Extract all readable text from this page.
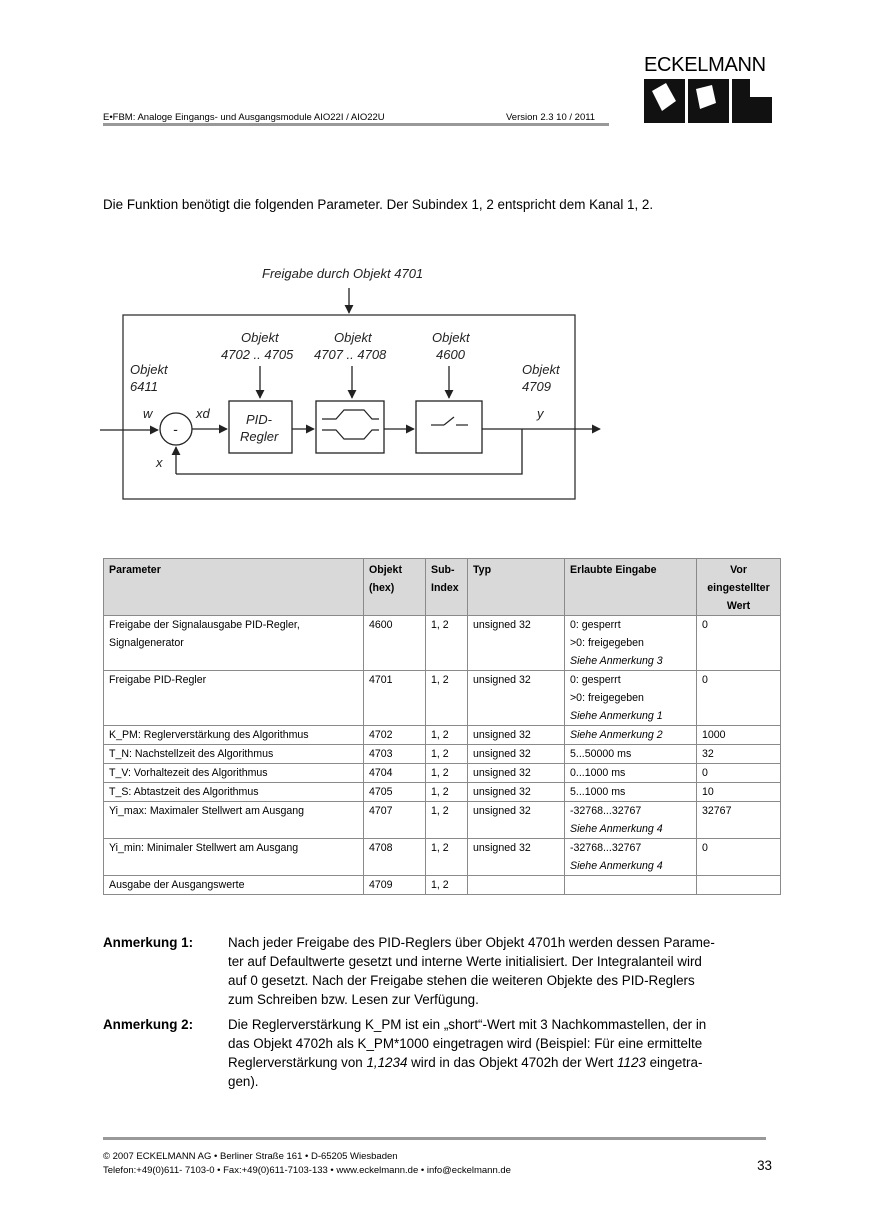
E•FBM: Analoge Eingangs- und Ausgangsmodule AIO22I / AIO22U	Version 2.3 10 / 2011
ECKELMANN
Die Funktion benötigt die folgenden Parameter. Der Subindex 1, 2 entspricht dem Kanal 1, 2.
Freigabe durch Objekt 4701
Objekt
4702 .. 4705
Objekt
4707 .. 4708
Objekt
4600
Objekt
6411
Objekt
4709
w
-
xd	PID-
Regler
y
x
Parameter	Objekt
(hex)	Sub-
Index	Typ	Erlaubte Eingabe	Vor
eingestellter
Wert

Freigabe der Signalausgabe PID-Regler,
Signalgenerator	4600	1, 2	unsigned 32	0: gesperrt
>0: freigegeben
Siehe Anmerkung 3	0

Freigabe PID-Regler	4701	1, 2	unsigned 32	0: gesperrt
>0: freigegeben
Siehe Anmerkung 1	0

K_PM: Reglerverstärkung des Algorithmus	4702	1, 2	unsigned 32	Siehe Anmerkung 2	1000

T_N: Nachstellzeit des Algorithmus	4703	1, 2	unsigned 32	5...50000 ms	32

T_V: Vorhaltezeit des Algorithmus	4704	1, 2	unsigned 32	0...1000 ms	0

T_S: Abtastzeit des Algorithmus	4705	1, 2	unsigned 32	5...1000 ms	10

Yi_max: Maximaler Stellwert am Ausgang	4707	1, 2	unsigned 32	-32768...32767
Siehe Anmerkung 4	32767

Yi_min: Minimaler Stellwert am Ausgang	4708	1, 2	unsigned 32	-32768...32767
Siehe Anmerkung 4	0

Ausgabe der Ausgangswerte	4709	1, 2			

Anmerkung 1:	Nach jeder Freigabe des PID-Reglers über Objekt 4701h werden dessen Parame-
ter auf Defaultwerte gesetzt und interne Werte initialisiert. Der Integralanteil wird
auf 0 gesetzt. Nach der Freigabe stehen die weiteren Objekte des PID-Reglers
zum Schreiben bzw. Lesen zur Verfügung.
Anmerkung 2:	Die Reglerverstärkung K_PM ist ein „short“-Wert mit 3 Nachkommastellen, der in
das Objekt 4702h als K_PM*1000 eingetragen wird (Beispiel: Für eine ermittelte
Reglerverstärkung von 1,1234 wird in das Objekt 4702h der Wert 1123 eingetra-
gen).
© 2007 ECKELMANN AG • Berliner Straße 161 • D-65205 Wiesbaden
Telefon:+49(0)611- 7103-0 • Fax:+49(0)611-7103-133 • www.eckelmann.de • info@eckelmann.de	33
